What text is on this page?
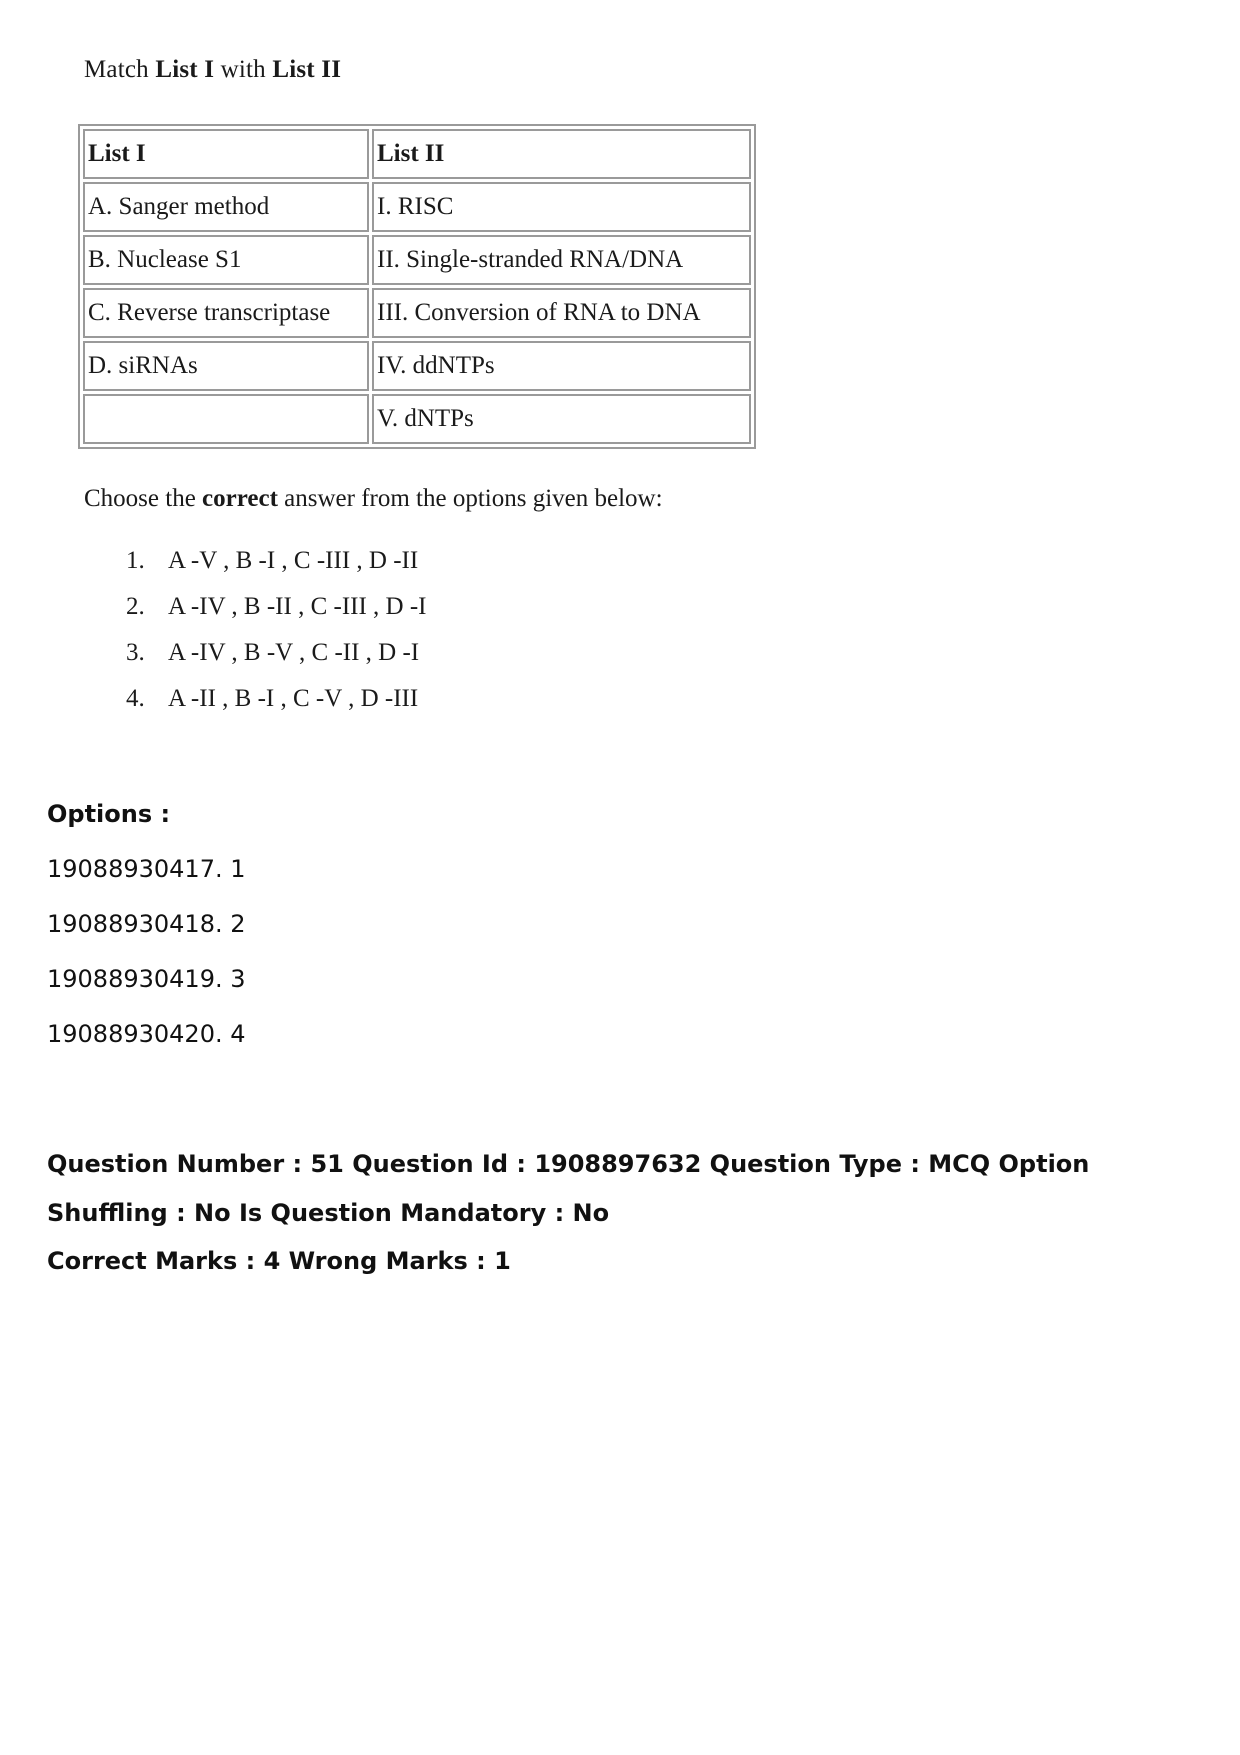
Match List I with List II
List I	List II
A. Sanger method	I. RISC
B. Nuclease S1	II. Single-stranded RNA/DNA
C. Reverse transcriptase	III. Conversion of RNA to DNA
D. siRNAs	IV. ddNTPs
	V. dNTPs
Choose the correct answer from the options given below:
1. A -V , B -I , C -III , D -II
2. A -IV , B -II , C -III , D -I
3. A -IV , B -V , C -II , D -I
4. A -II , B -I , C -V , D -III
Options :
19088930417. 1
19088930418. 2
19088930419. 3
19088930420. 4
Question Number : 51 Question Id : 1908897632 Question Type : MCQ Option Shuffling : No Is Question Mandatory : No
Correct Marks : 4 Wrong Marks : 1
